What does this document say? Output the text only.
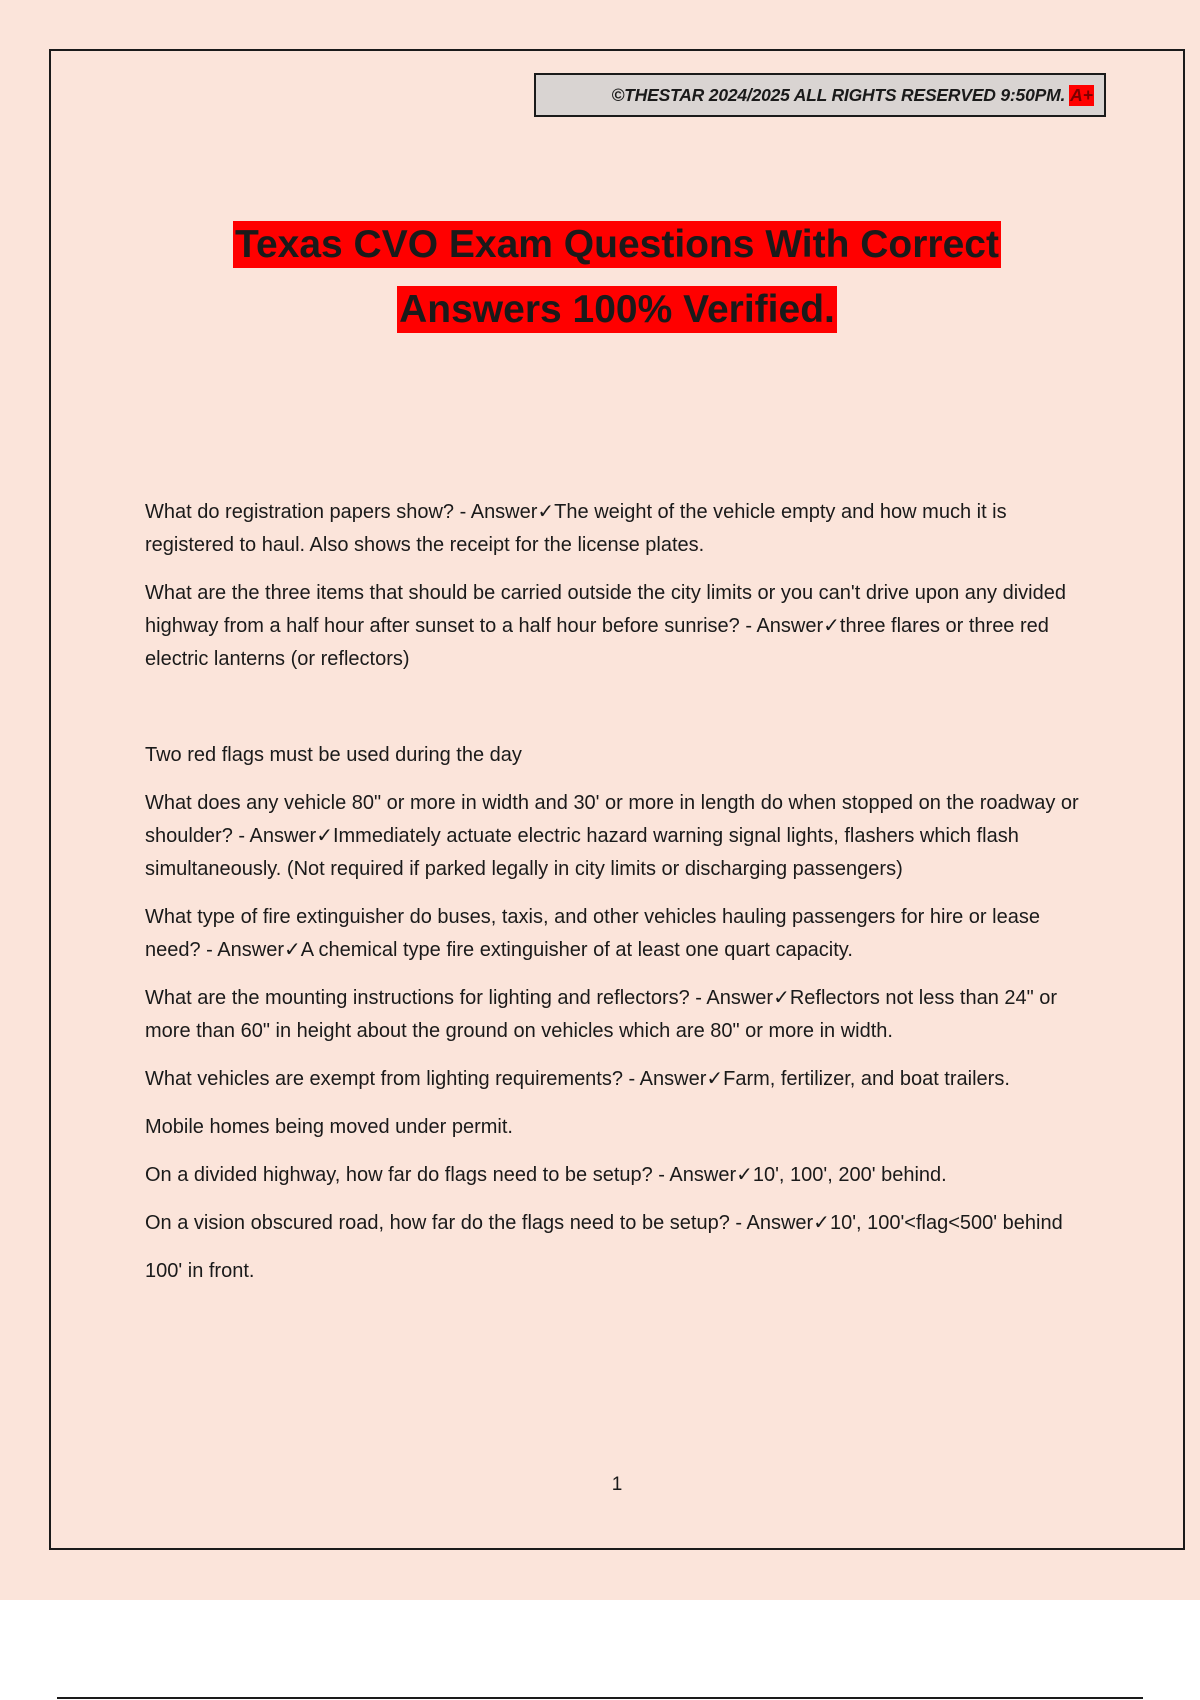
©THESTAR 2024/2025 ALL RIGHTS RESERVED 9:50PM. A+
Texas CVO Exam Questions With Correct
Answers 100% Verified.

What do registration papers show? - Answer✓The weight of the vehicle empty and how much it is registered to haul. Also shows the receipt for the license plates.

What are the three items that should be carried outside the city limits or you can't drive upon any divided highway from a half hour after sunset to a half hour before sunrise? - Answer✓three flares or three red electric lanterns (or reflectors)

Two red flags must be used during the day

What does any vehicle 80" or more in width and 30' or more in length do when stopped on the roadway or shoulder? - Answer✓Immediately actuate electric hazard warning signal lights, flashers which flash simultaneously. (Not required if parked legally in city limits or discharging passengers)

What type of fire extinguisher do buses, taxis, and other vehicles hauling passengers for hire or lease need? - Answer✓A chemical type fire extinguisher of at least one quart capacity.

What are the mounting instructions for lighting and reflectors? - Answer✓Reflectors not less than 24" or more than 60" in height about the ground on vehicles which are 80" or more in width.

What vehicles are exempt from lighting requirements? - Answer✓Farm, fertilizer, and boat trailers.

Mobile homes being moved under permit.

On a divided highway, how far do flags need to be setup? - Answer✓10', 100', 200' behind.

On a vision obscured road, how far do the flags need to be setup? - Answer✓10', 100'<flag<500' behind

100' in front.

1
